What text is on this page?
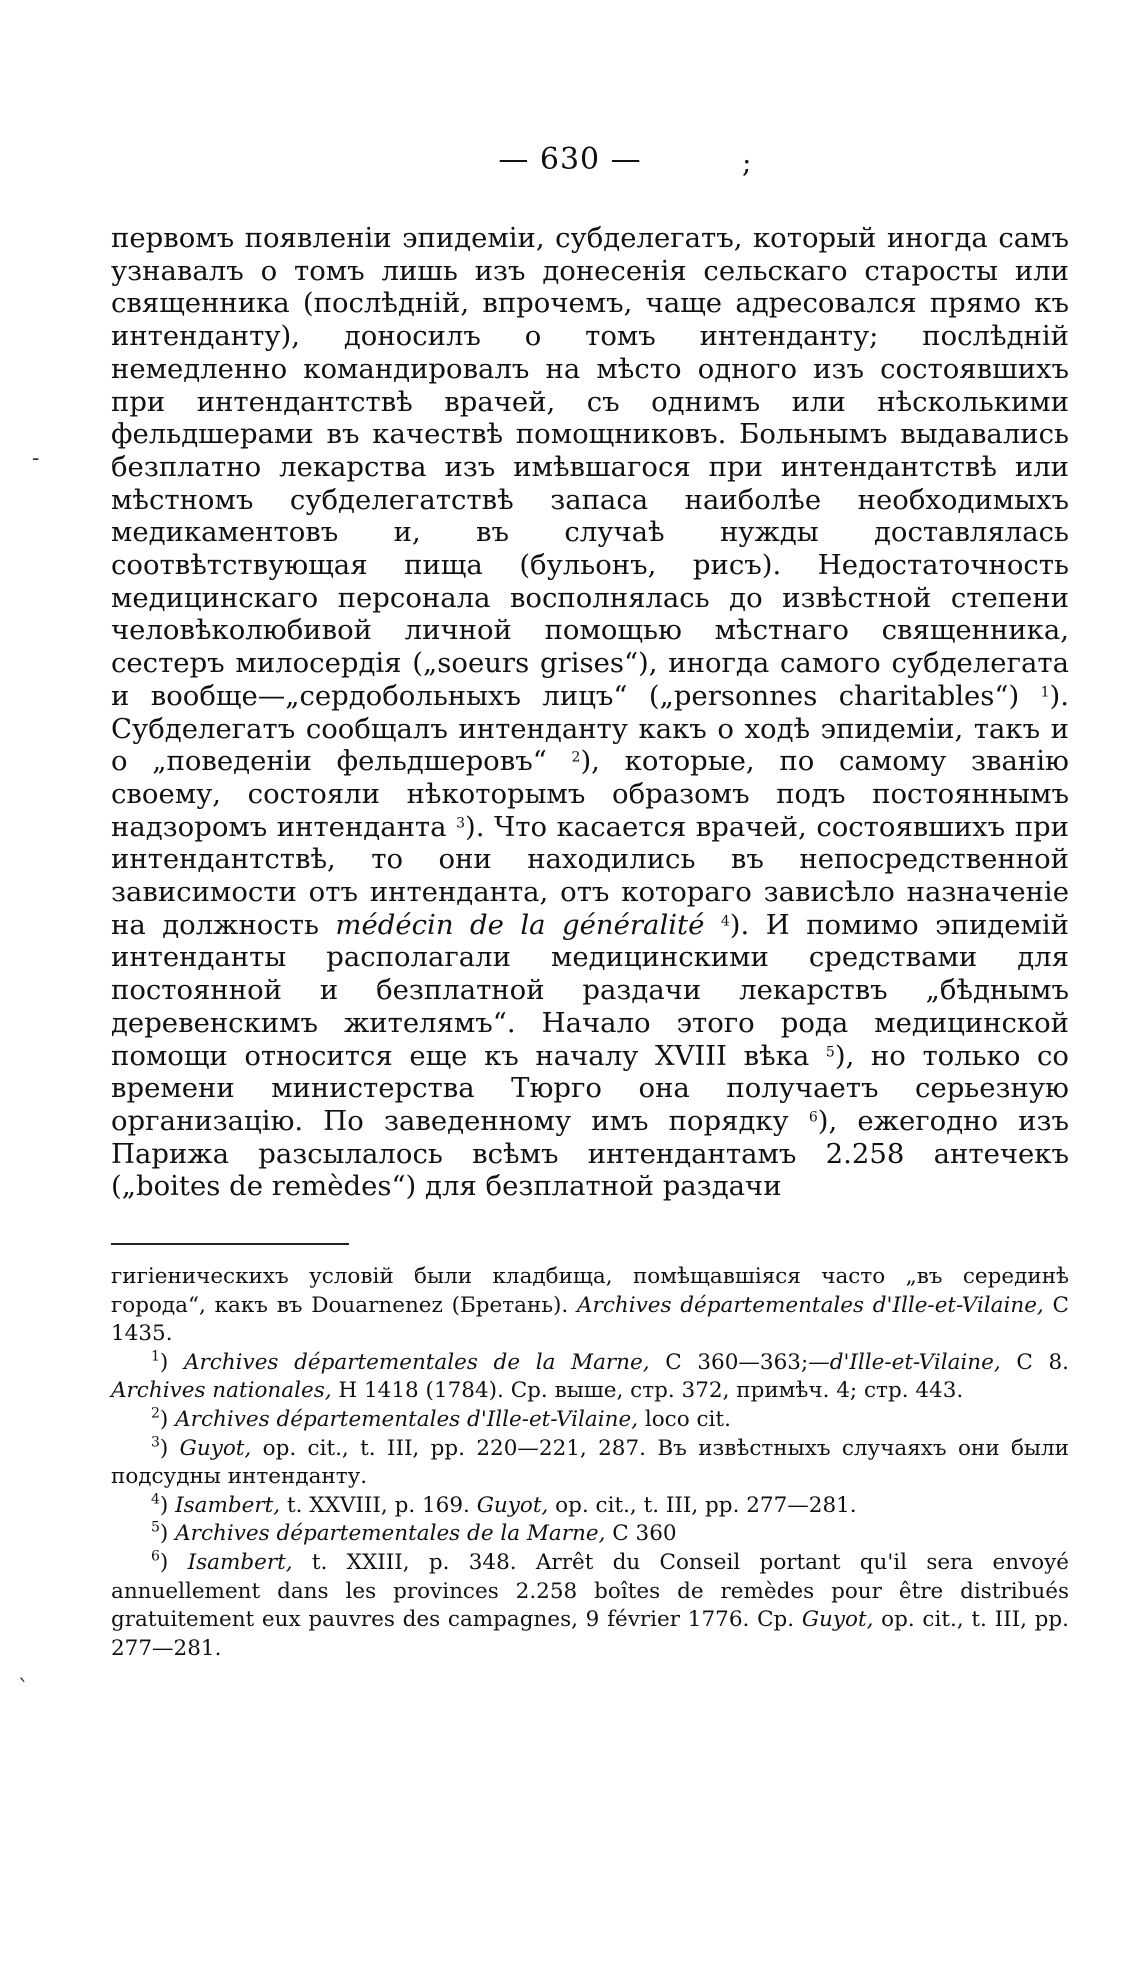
— 630 —	;
-

первомъ появленіи эпидеміи, субделегатъ, который иногда самъ узнавалъ о томъ лишь изъ донесенія сельскаго старосты или священника (послѣдній, впрочемъ, чаще адресовался прямо къ интенданту), доносилъ о томъ интенданту; послѣдній немедленно командировалъ на мѣсто одного изъ состоявшихъ при интендантствѣ врачей, съ однимъ или нѣсколькими фельдшерами въ качествѣ помощниковъ. Больнымъ выдавались безплатно лекарства изъ имѣвшагося при интендантствѣ или мѣстномъ субделегатствѣ запаса наиболѣе необходимыхъ медикаментовъ и, въ случаѣ нужды доставлялась соотвѣтствующая пища (бульонъ, рисъ). Недостаточность медицинскаго персонала восполнялась до извѣстной степени человѣколюбивой личной помощью мѣстнаго священника, сестеръ милосердія („soeurs grises“), иногда самого субделегата и вообще—„сердобольныхъ лицъ“ („personnes charitables“) $^1$). Субделегатъ сообщалъ интенданту какъ о ходѣ эпидеміи, такъ и о „поведеніи фельдшеровъ“ $^2$), которые, по самому званію своему, состояли нѣкоторымъ образомъ подъ постояннымъ надзоромъ интенданта $^3$). Что касается врачей, состоявшихъ при интендантствѣ, то они находились въ непосредственной зависимости отъ интенданта, отъ котораго зависѣло назначеніе на должность médécin de la généralité $^4$). И помимо эпидемій интенданты располагали медицинскими средствами для постоянной и безплатной раздачи лекарствъ „бѣднымъ деревенскимъ жителямъ“. Начало этого рода медицинской помощи относится еще къ началу XVIII вѣка $^5$), но только со времени министерства Тюрго она получаетъ серьезную организацію. По заведенному имъ порядку $^6$), ежегодно изъ Парижа разсылалось всѣмъ интендантамъ 2.258 антечекъ („boites de remèdes“) для безплатной раздачи

гигіеническихъ условій были кладбища, помѣщавшіяся часто „въ серединѣ города“, какъ въ Douarnenez (Бретань). Archives départementales d'Ille-et-Vilaine, C 1435.

$^1$) Archives départementales de la Marne, C 360—363;—d'Ille-et-Vilaine, C 8. Archives nationales, H 1418 (1784). Ср. выше, стр. 372, примѣч. 4; стр. 443.

$^2$) Archives départementales d'Ille-et-Vilaine, loco cit.

$^3$) Guyot, op. cit., t. III, pp. 220—221, 287. Въ извѣстныхъ случаяхъ они были подсудны интенданту.

$^4$) Isambert, t. XXVIII, p. 169. Guyot, op. cit., t. III, pp. 277—281.

$^5$) Archives départementales de la Marne, C 360

$^6$) Isambert, t. XXIII, p. 348. Arrêt du Conseil portant qu'il sera envoyé annuellement dans les provinces 2.258 boîtes de remèdes pour être distribués gratuitement eux pauvres des campagnes, 9 février 1776. Ср. Guyot, op. cit., t. III, pp. 277—281.

`
